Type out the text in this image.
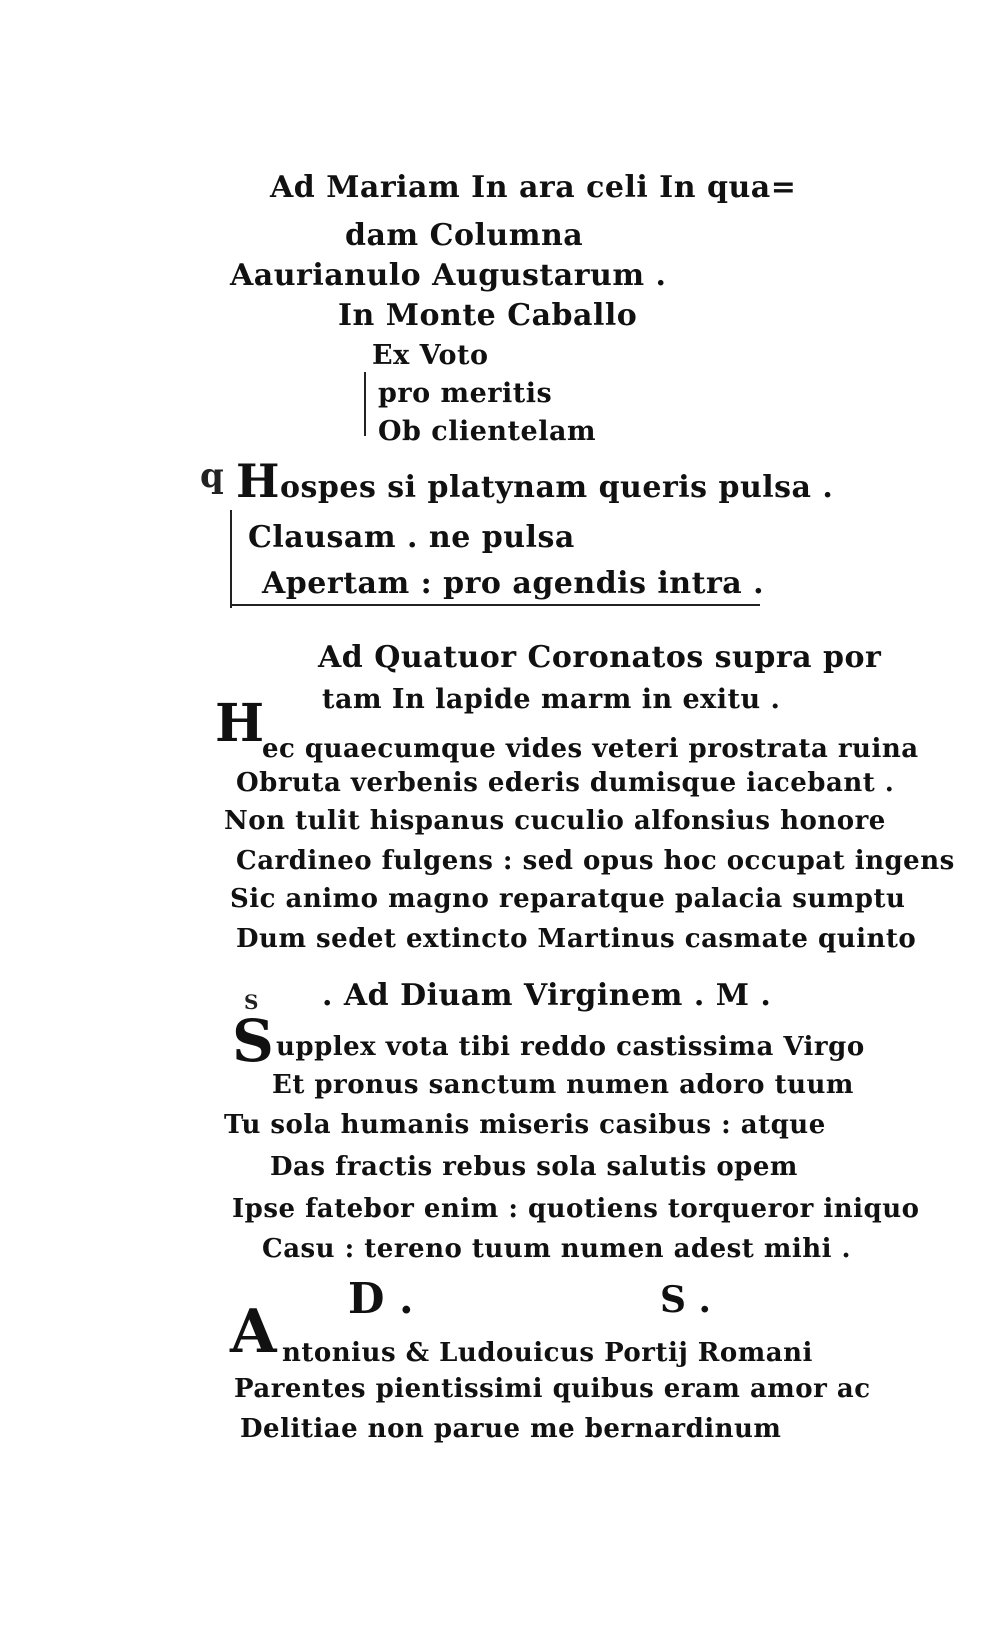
Ad Mariam In ara celi In qua=
dam Columna
Aaurianulo Augustarum .
In Monte Caballo
Ex Voto
pro meritis
Ob clientelam
q H ospes si platynam queris pulsa .
Clausam . ne pulsa
Apertam : pro agendis intra .
Ad Quatuor Coronatos supra por
tam In lapide marm in exitu .
H
ec quaecumque vides veteri prostrata ruina
Obruta verbenis ederis dumisque iacebant .
Non tulit hispanus cuculio alfonsius honore
Cardineo fulgens : sed opus hoc occupat ingens
Sic animo magno reparatque palacia sumptu
Dum sedet extincto Martinus casmate quinto
. Ad Diuam Virginem . M .
S
S upplex vota tibi reddo castissima Virgo
Et pronus sanctum numen adoro tuum
Tu sola humanis miseris casibus : atque
Das fractis rebus sola salutis opem
Ipse fatebor enim : quotiens torqueror iniquo
Casu : tereno tuum numen adest mihi .
D .	S .
A ntonius & Ludouicus Portij Romani
Parentes pientissimi quibus eram amor ac
Delitiae non parue me bernardinum
